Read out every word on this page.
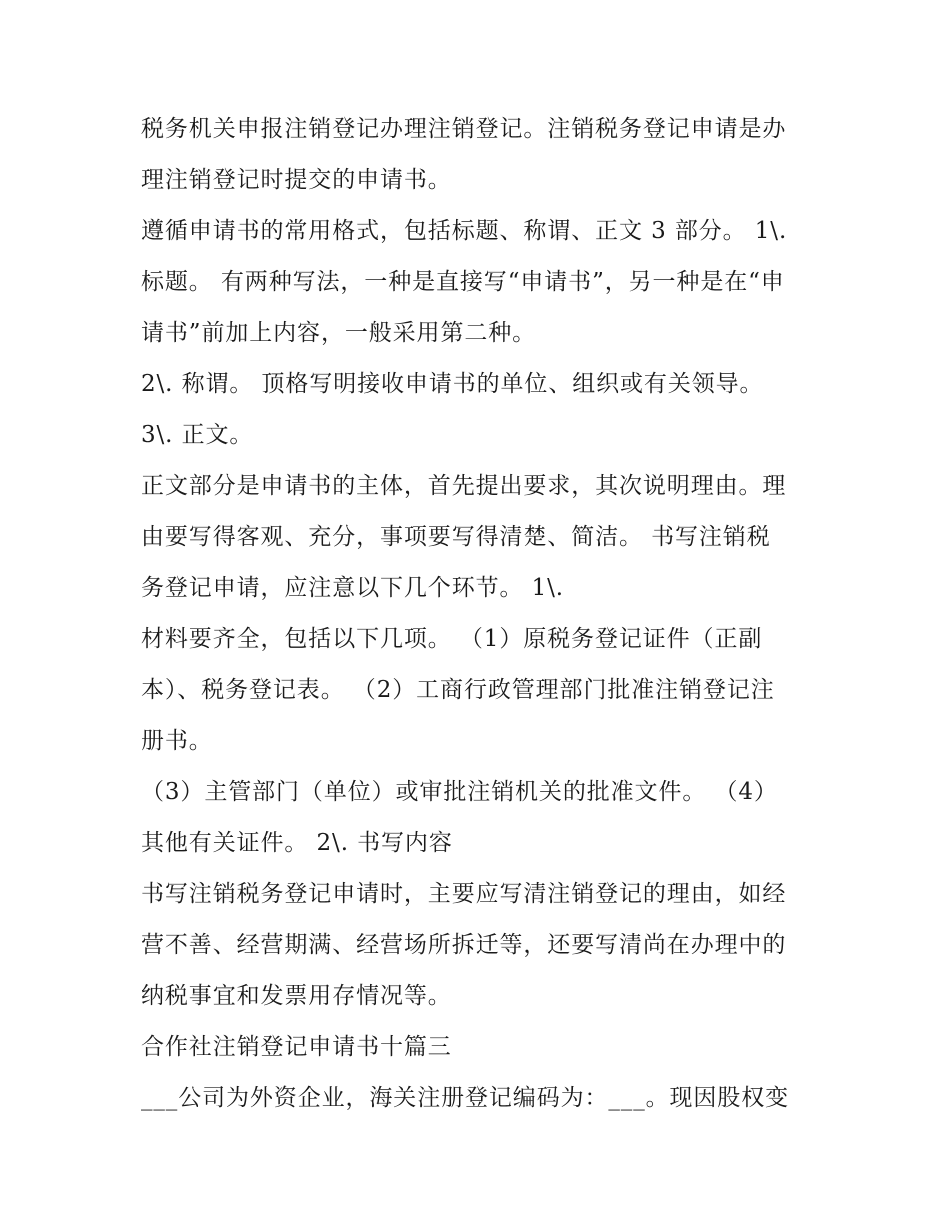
税务机关申报注销登记办理注销登记。注销税务登记申请是办
理注销登记时提交的申请书。
遵循申请书的常用格式，包括标题、称谓、正文 3 部分。 1\.
标题。 有两种写法，一种是直接写“申请书”，另一种是在“申
请书”前加上内容，一般采用第二种。
2\. 称谓。 顶格写明接收申请书的单位、组织或有关领导。
3\. 正文。
正文部分是申请书的主体，首先提出要求，其次说明理由。理
由要写得客观、充分，事项要写得清楚、简洁。 书写注销税
务登记申请，应注意以下几个环节。 1\.
材料要齐全，包括以下几项。 （1）原税务登记证件（正副
本）、税务登记表。 （2）工商行政管理部门批准注销登记注
册书。
（3）主管部门（单位）或审批注销机关的批准文件。 （4）
其他有关证件。 2\. 书写内容
书写注销税务登记申请时，主要应写清注销登记的理由，如经
营不善、经营期满、经营场所拆迁等，还要写清尚在办理中的
纳税事宜和发票用存情况等。
合作社注销登记申请书十篇三
___公司为外资企业，海关注册登记编码为：___。现因股权变
